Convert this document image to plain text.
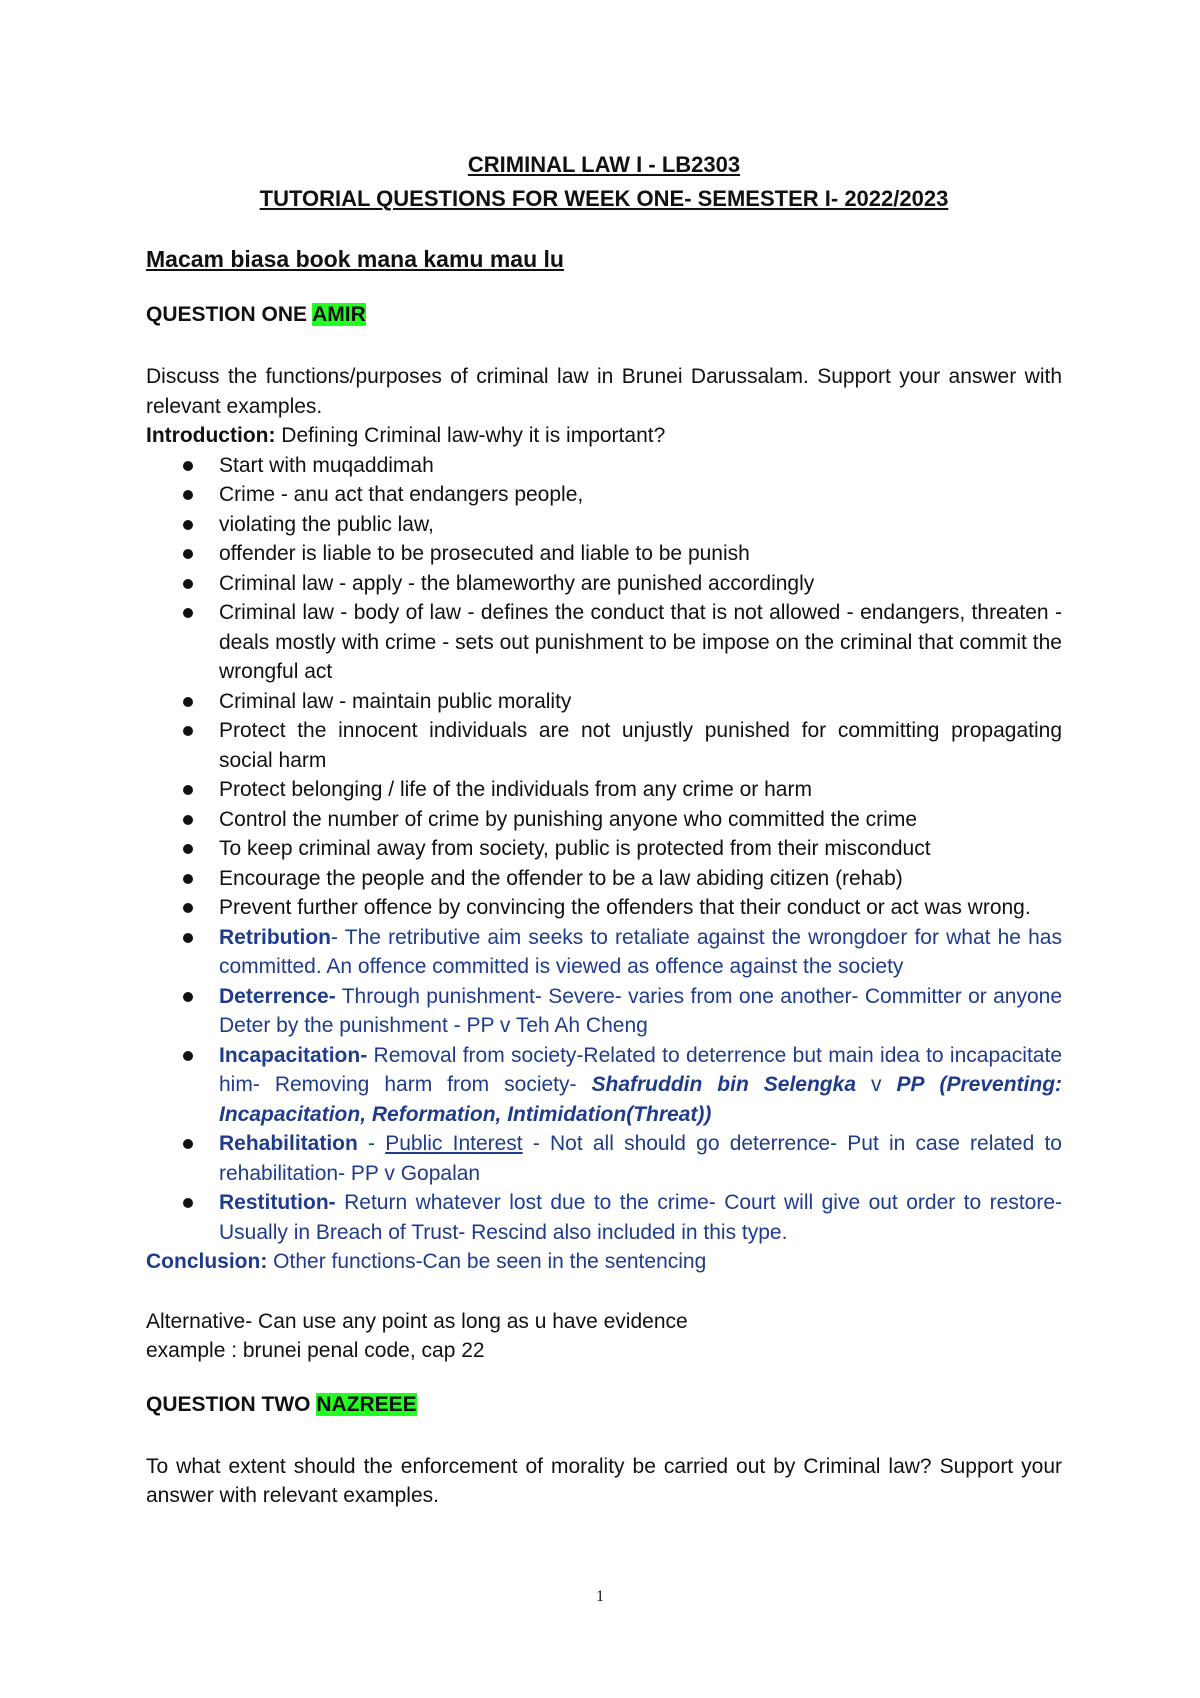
CRIMINAL LAW I - LB2303
TUTORIAL QUESTIONS FOR WEEK ONE- SEMESTER I- 2022/2023
Macam biasa book mana kamu mau lu
QUESTION ONE AMIR

Discuss the functions/purposes of criminal law in Brunei Darussalam. Support your answer with relevant examples.

Introduction: Defining Criminal law-why it is important?

Start with muqaddimah
Crime - anu act that endangers people,
violating the public law,
offender is liable to be prosecuted and liable to be punish
Criminal law - apply - the blameworthy are punished accordingly
Criminal law - body of law - defines the conduct that is not allowed - endangers, threaten - deals mostly with crime - sets out punishment to be impose on the criminal that commit the wrongful act
Criminal law - maintain public morality
Protect the innocent individuals are not unjustly punished for committing propagating social harm
Protect belonging / life of the individuals from any crime or harm
Control the number of crime by punishing anyone who committed the crime
To keep criminal away from society, public is protected from their misconduct
Encourage the people and the offender to be a law abiding citizen (rehab)
Prevent further offence by convincing the offenders that their conduct or act was wrong.
Retribution- The retributive aim seeks to retaliate against the wrongdoer for what he has committed. An offence committed is viewed as offence against the society
Deterrence- Through punishment- Severe- varies from one another- Committer or anyone Deter by the punishment - PP v Teh Ah Cheng
Incapacitation- Removal from society-Related to deterrence but main idea to incapacitate him- Removing harm from society- Shafruddin bin Selengka v PP (Preventing: Incapacitation, Reformation, Intimidation(Threat))
Rehabilitation - Public Interest - Not all should go deterrence- Put in case related to rehabilitation- PP v Gopalan
Restitution- Return whatever lost due to the crime- Court will give out order to restore- Usually in Breach of Trust- Rescind also included in this type.

Conclusion: Other functions-Can be seen in the sentencing

Alternative- Can use any point as long as u have evidence

example : brunei penal code, cap 22

QUESTION TWO NAZREEE

To what extent should the enforcement of morality be carried out by Criminal law? Support your answer with relevant examples.

1
